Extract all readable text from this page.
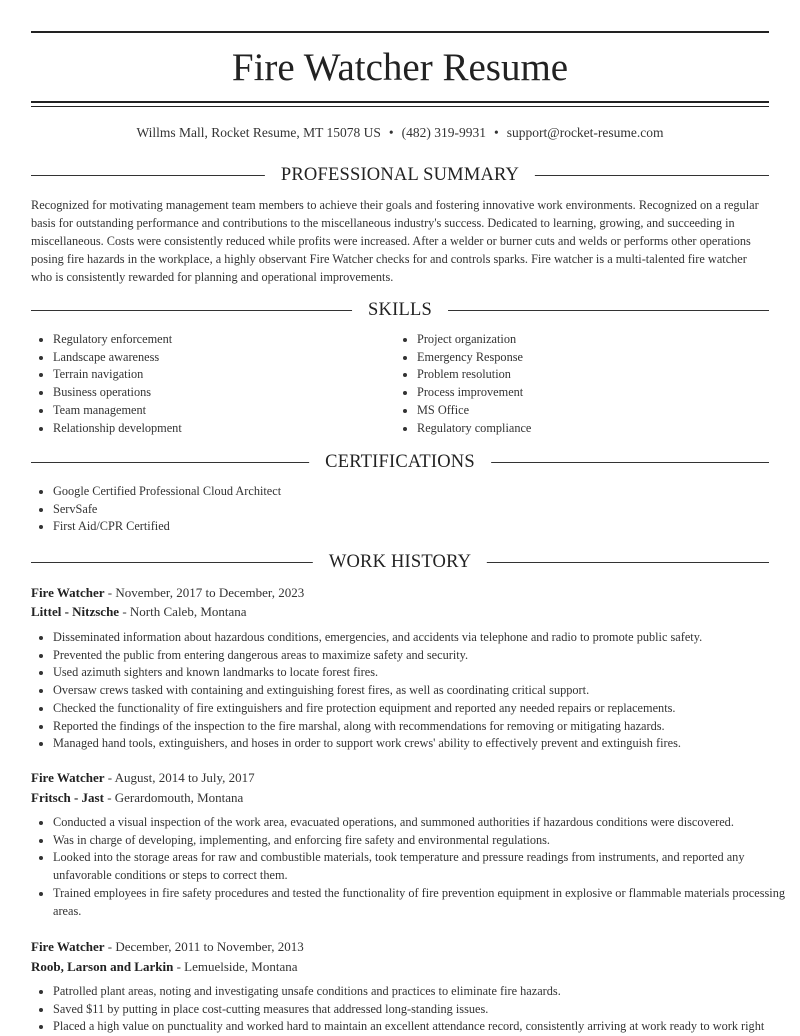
Fire Watcher Resume
Willms Mall, Rocket Resume, MT 15078 US • (482) 319-9931 • support@rocket-resume.com
PROFESSIONAL SUMMARY
Recognized for motivating management team members to achieve their goals and fostering innovative work environments. Recognized on a regular basis for outstanding performance and contributions to the miscellaneous industry's success. Dedicated to learning, growing, and succeeding in miscellaneous. Costs were consistently reduced while profits were increased. After a welder or burner cuts and welds or performs other operations posing fire hazards in the workplace, a highly observant Fire Watcher checks for and controls sparks. Fire watcher is a multi-talented fire watcher who is consistently rewarded for planning and operational improvements.
SKILLS
• Regulatory enforcement
• Landscape awareness
• Terrain navigation
• Business operations
• Team management
• Relationship development
• Project organization
• Emergency Response
• Problem resolution
• Process improvement
• MS Office
• Regulatory compliance
CERTIFICATIONS
• Google Certified Professional Cloud Architect
• ServSafe
• First Aid/CPR Certified
WORK HISTORY
Fire Watcher - November, 2017 to December, 2023
Littel - Nitzsche - North Caleb, Montana
• Disseminated information about hazardous conditions, emergencies, and accidents via telephone and radio to promote public safety.
• Prevented the public from entering dangerous areas to maximize safety and security.
• Used azimuth sighters and known landmarks to locate forest fires.
• Oversaw crews tasked with containing and extinguishing forest fires, as well as coordinating critical support.
• Checked the functionality of fire extinguishers and fire protection equipment and reported any needed repairs or replacements.
• Reported the findings of the inspection to the fire marshal, along with recommendations for removing or mitigating hazards.
• Managed hand tools, extinguishers, and hoses in order to support work crews' ability to effectively prevent and extinguish fires.
Fire Watcher - August, 2014 to July, 2017
Fritsch - Jast - Gerardomouth, Montana
• Conducted a visual inspection of the work area, evacuated operations, and summoned authorities if hazardous conditions were discovered.
• Was in charge of developing, implementing, and enforcing fire safety and environmental regulations.
• Looked into the storage areas for raw and combustible materials, took temperature and pressure readings from instruments, and reported any unfavorable conditions or steps to correct them.
• Trained employees in fire safety procedures and tested the functionality of fire prevention equipment in explosive or flammable materials processing areas.
Fire Watcher - December, 2011 to November, 2013
Roob, Larson and Larkin - Lemuelside, Montana
• Patrolled plant areas, noting and investigating unsafe conditions and practices to eliminate fire hazards.
• Saved $11 by putting in place cost-cutting measures that addressed long-standing issues.
• Placed a high value on punctuality and worked hard to maintain an excellent attendance record, consistently arriving at work ready to work right
